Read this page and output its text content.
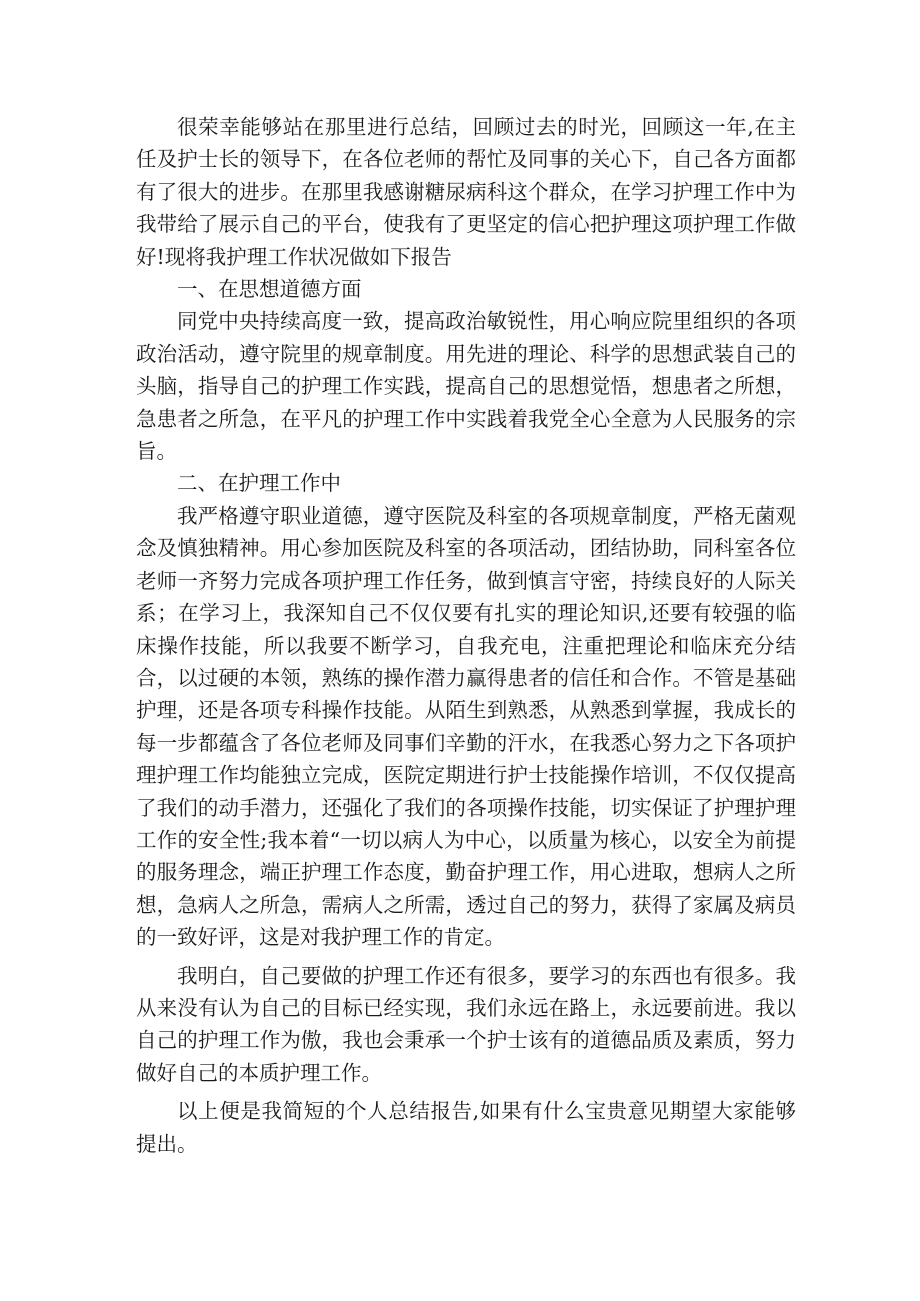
很荣幸能够站在那里进行总结，回顾过去的时光，回顾这一年,在主任及护士长的领导下，在各位老师的帮忙及同事的关心下，自己各方面都有了很大的进步。在那里我感谢糖尿病科这个群众，在学习护理工作中为我带给了展示自己的平台，使我有了更坚定的信心把护理这项护理工作做好!现将我护理工作状况做如下报告

一、在思想道德方面

同党中央持续高度一致，提高政治敏锐性，用心响应院里组织的各项政治活动，遵守院里的规章制度。用先进的理论、科学的思想武装自己的头脑，指导自己的护理工作实践，提高自己的思想觉悟，想患者之所想，急患者之所急，在平凡的护理工作中实践着我党全心全意为人民服务的宗旨。

二、在护理工作中

我严格遵守职业道德，遵守医院及科室的各项规章制度，严格无菌观念及慎独精神。用心参加医院及科室的各项活动，团结协助，同科室各位老师一齐努力完成各项护理工作任务，做到慎言守密，持续良好的人际关系；在学习上，我深知自己不仅仅要有扎实的理论知识,还要有较强的临床操作技能，所以我要不断学习，自我充电，注重把理论和临床充分结合，以过硬的本领，熟练的操作潜力赢得患者的信任和合作。不管是基础护理，还是各项专科操作技能。从陌生到熟悉，从熟悉到掌握，我成长的每一步都蕴含了各位老师及同事们辛勤的汗水，在我悉心努力之下各项护理护理工作均能独立完成，医院定期进行护士技能操作培训，不仅仅提高了我们的动手潜力，还强化了我们的各项操作技能，切实保证了护理护理工作的安全性;我本着“一切以病人为中心，以质量为核心，以安全为前提的服务理念，端正护理工作态度，勤奋护理工作，用心进取，想病人之所想，急病人之所急，需病人之所需，透过自己的努力，获得了家属及病员的一致好评，这是对我护理工作的肯定。

我明白，自己要做的护理工作还有很多，要学习的东西也有很多。我从来没有认为自己的目标已经实现，我们永远在路上，永远要前进。我以自己的护理工作为傲，我也会秉承一个护士该有的道德品质及素质，努力做好自己的本质护理工作。

以上便是我简短的个人总结报告,如果有什么宝贵意见期望大家能够提出。
